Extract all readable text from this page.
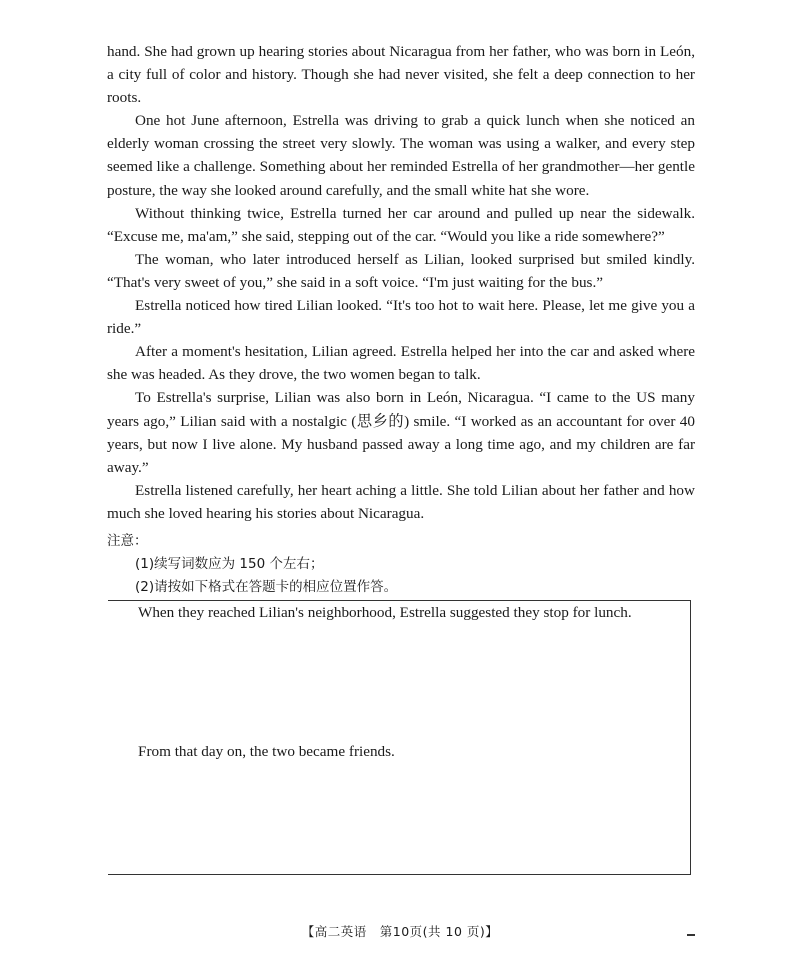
hand. She had grown up hearing stories about Nicaragua from her father, who was born in León, a city full of color and history. Though she had never visited, she felt a deep connection to her roots.

One hot June afternoon, Estrella was driving to grab a quick lunch when she noticed an elderly woman crossing the street very slowly. The woman was using a walker, and every step seemed like a challenge. Something about her reminded Estrella of her grandmother—her gentle posture, the way she looked around carefully, and the small white hat she wore.

Without thinking twice, Estrella turned her car around and pulled up near the sidewalk. “Excuse me, ma'am,” she said, stepping out of the car. “Would you like a ride somewhere?”

The woman, who later introduced herself as Lilian, looked surprised but smiled kindly. “That's very sweet of you,” she said in a soft voice. “I'm just waiting for the bus.”

Estrella noticed how tired Lilian looked. “It's too hot to wait here. Please, let me give you a ride.”

After a moment's hesitation, Lilian agreed. Estrella helped her into the car and asked where she was headed. As they drove, the two women began to talk.

To Estrella's surprise, Lilian was also born in León, Nicaragua. “I came to the US many years ago,” Lilian said with a nostalgic (思乡的) smile. “I worked as an accountant for over 40 years, but now I live alone. My husband passed away a long time ago, and my children are far away.”

Estrella listened carefully, her heart aching a little. She told Lilian about her father and how much she loved hearing his stories about Nicaragua.

注意：

(1)续写词数应为 150 个左右；

(2)请按如下格式在答题卡的相应位置作答。

When they reached Lilian's neighborhood, Estrella suggested they stop for lunch.

From that day on, the two became friends.

【高二英语　第10页(共 10 页)】
